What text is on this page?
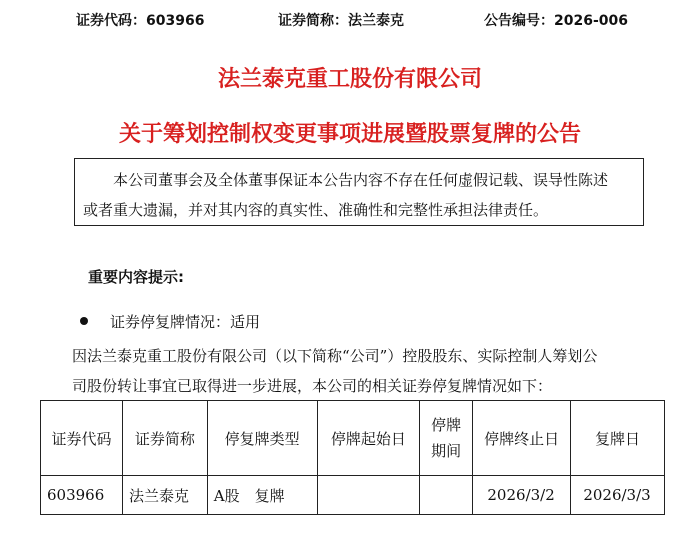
证券代码：603966	证券简称：法兰泰克	公告编号：2026-006
法兰泰克重工股份有限公司
关于筹划控制权变更事项进展暨股票复牌的公告
本公司董事会及全体董事保证本公告内容不存在任何虚假记载、误导性陈述
或者重大遗漏，并对其内容的真实性、准确性和完整性承担法律责任。
重要内容提示:
证券停复牌情况：适用
因法兰泰克重工股份有限公司（以下简称“公司”）控股股东、实际控制人筹划公
司股份转让事宜已取得进一步进展，本公司的相关证券停复牌情况如下：
证券代码	证券简称	停复牌类型	停牌起始日	停牌期间	停牌终止日	复牌日
603966	法兰泰克	A股　复牌			2026/3/2	2026/3/3
